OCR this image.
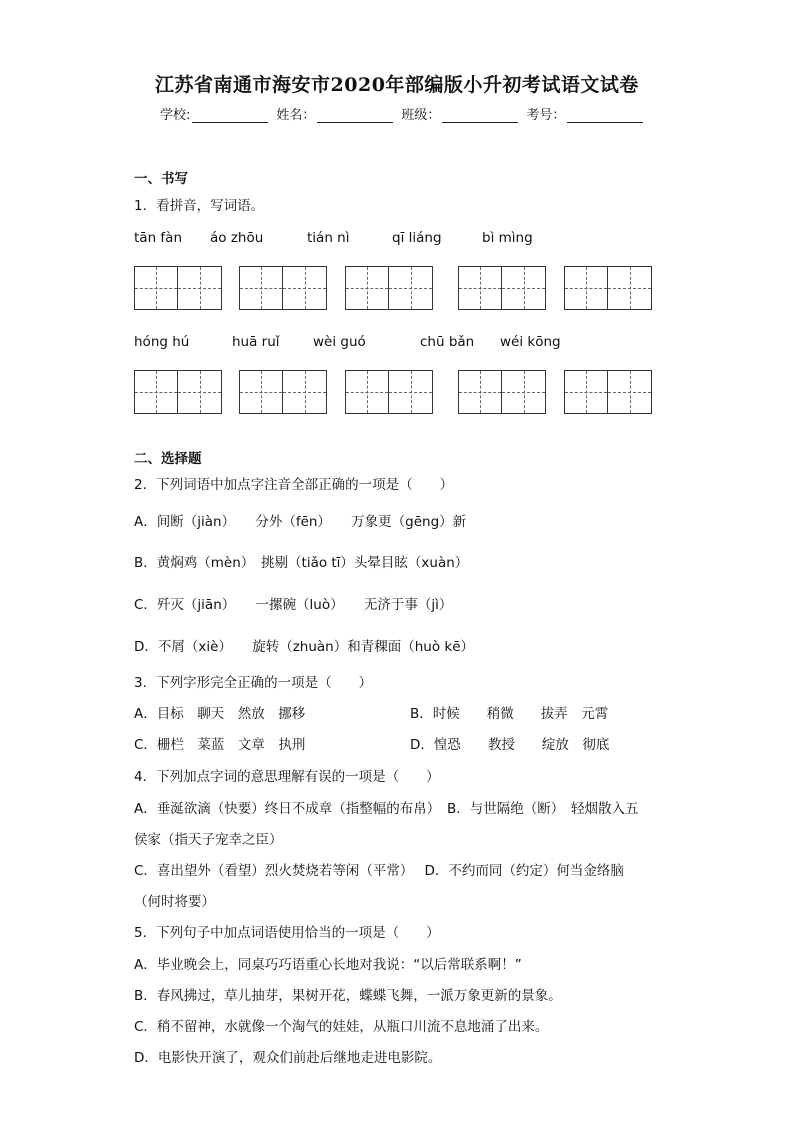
江苏省南通市海安市2020年部编版小升初考试语文试卷
学校:	姓名：	班级：	考号：
一、书写
1．看拼音，写词语。
tān fàn áo zhōu	tián nì	qī liáng	bì mìng
hóng hú	huā ruǐ wèi guó	chū bǎn wéi kōng
二、选择题
2．下列词语中加点字注音全部正确的一项是（　　）
A．间断（jiàn）　　分外（fēn）　　万象更（gēng）新
B．黄焖鸡（mèn）　挑剔（tiǎo tī）头晕目眩（xuàn）
C．歼灭（jiān）　　一摞碗（luò）　　无济于事（jì）
D．不屑（xiè）　　旋转（zhuàn）和青稞面（huò kē）
3．下列字形完全正确的一项是（　　）
A．目标　聊天　然放　挪移	B．时候　　稍微　　拔弄　元霄
C．栅栏　菜蓝　文章　执刑	D．惶恐　　教授　　绽放　彻底
4．下列加点字词的意思理解有误的一项是（　　）
A．垂涎欲滴（快要）终日不成章（指整幅的布帛）　B．与世隔绝（断）　轻烟散入五
侯家（指天子宠幸之臣）
C．喜出望外（看望）烈火焚烧若等闲（平常）　 D．不约而同（约定）何当金络脑
（何时将要）
5．下列句子中加点词语使用恰当的一项是（　　）
A．毕业晚会上，同桌巧巧语重心长地对我说：“以后常联系啊！”
B．春风拂过，草儿抽芽，果树开花，蝶蝶飞舞，一派万象更新的景象。
C．稍不留神，水就像一个淘气的娃娃，从瓶口川流不息地涌了出来。
D．电影快开演了，观众们前赴后继地走进电影院。
